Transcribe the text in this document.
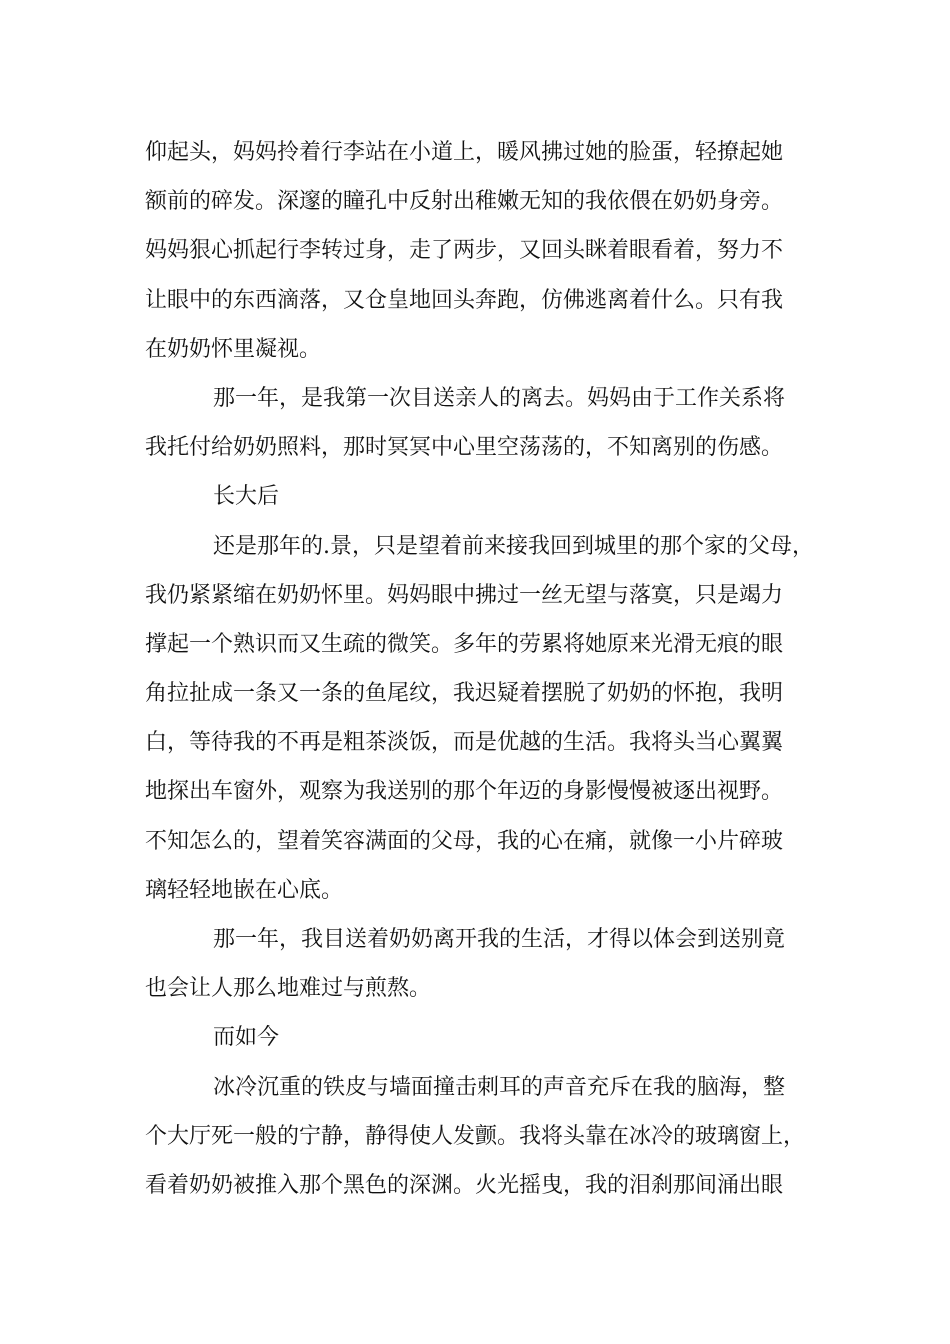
仰起头，妈妈拎着行李站在小道上，暖风拂过她的脸蛋，轻撩起她
额前的碎发。深邃的瞳孔中反射出稚嫩无知的我依偎在奶奶身旁。
妈妈狠心抓起行李转过身，走了两步，又回头眯着眼看着，努力不
让眼中的东西滴落，又仓皇地回头奔跑，仿佛逃离着什么。只有我
在奶奶怀里凝视。
那一年，是我第一次目送亲人的离去。妈妈由于工作关系将
我托付给奶奶照料，那时冥冥中心里空荡荡的，不知离别的伤感。
长大后
还是那年的.景，只是望着前来接我回到城里的那个家的父母，
我仍紧紧缩在奶奶怀里。妈妈眼中拂过一丝无望与落寞，只是竭力
撑起一个熟识而又生疏的微笑。多年的劳累将她原来光滑无痕的眼
角拉扯成一条又一条的鱼尾纹，我迟疑着摆脱了奶奶的怀抱，我明
白，等待我的不再是粗茶淡饭，而是优越的生活。我将头当心翼翼
地探出车窗外，观察为我送别的那个年迈的身影慢慢被逐出视野。
不知怎么的，望着笑容满面的父母，我的心在痛，就像一小片碎玻
璃轻轻地嵌在心底。
那一年，我目送着奶奶离开我的生活，才得以体会到送别竟
也会让人那么地难过与煎熬。
而如今
冰冷沉重的铁皮与墙面撞击刺耳的声音充斥在我的脑海，整
个大厅死一般的宁静，静得使人发颤。我将头靠在冰冷的玻璃窗上，
看着奶奶被推入那个黑色的深渊。火光摇曳，我的泪刹那间涌出眼
